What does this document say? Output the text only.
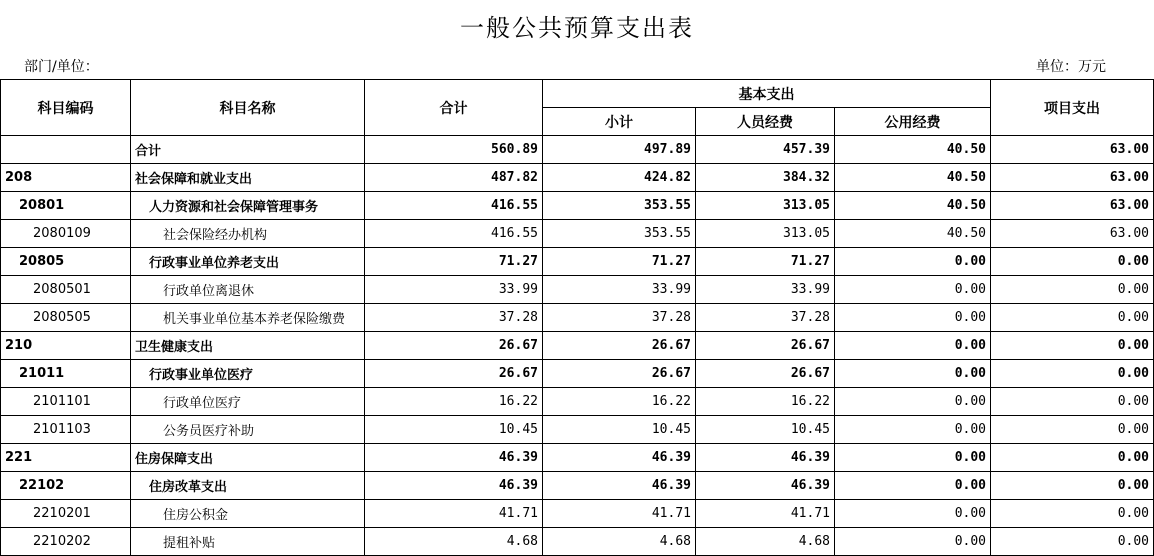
一般公共预算支出表
部门/单位：	单位：万元
科目编码	科目名称	合计	基本支出			项目支出
			小计	人员经费	公用经费	
	合计	560.89	497.89	457.39	40.50	63.00
208	社会保障和就业支出	487.82	424.82	384.32	40.50	63.00
20801	人力资源和社会保障管理事务	416.55	353.55	313.05	40.50	63.00
2080109	社会保险经办机构	416.55	353.55	313.05	40.50	63.00
20805	行政事业单位养老支出	71.27	71.27	71.27	0.00	0.00
2080501	行政单位离退休	33.99	33.99	33.99	0.00	0.00
2080505	机关事业单位基本养老保险缴费	37.28	37.28	37.28	0.00	0.00
210	卫生健康支出	26.67	26.67	26.67	0.00	0.00
21011	行政事业单位医疗	26.67	26.67	26.67	0.00	0.00
2101101	行政单位医疗	16.22	16.22	16.22	0.00	0.00
2101103	公务员医疗补助	10.45	10.45	10.45	0.00	0.00
221	住房保障支出	46.39	46.39	46.39	0.00	0.00
22102	住房改革支出	46.39	46.39	46.39	0.00	0.00
2210201	住房公积金	41.71	41.71	41.71	0.00	0.00
2210202	提租补贴	4.68	4.68	4.68	0.00	0.00
